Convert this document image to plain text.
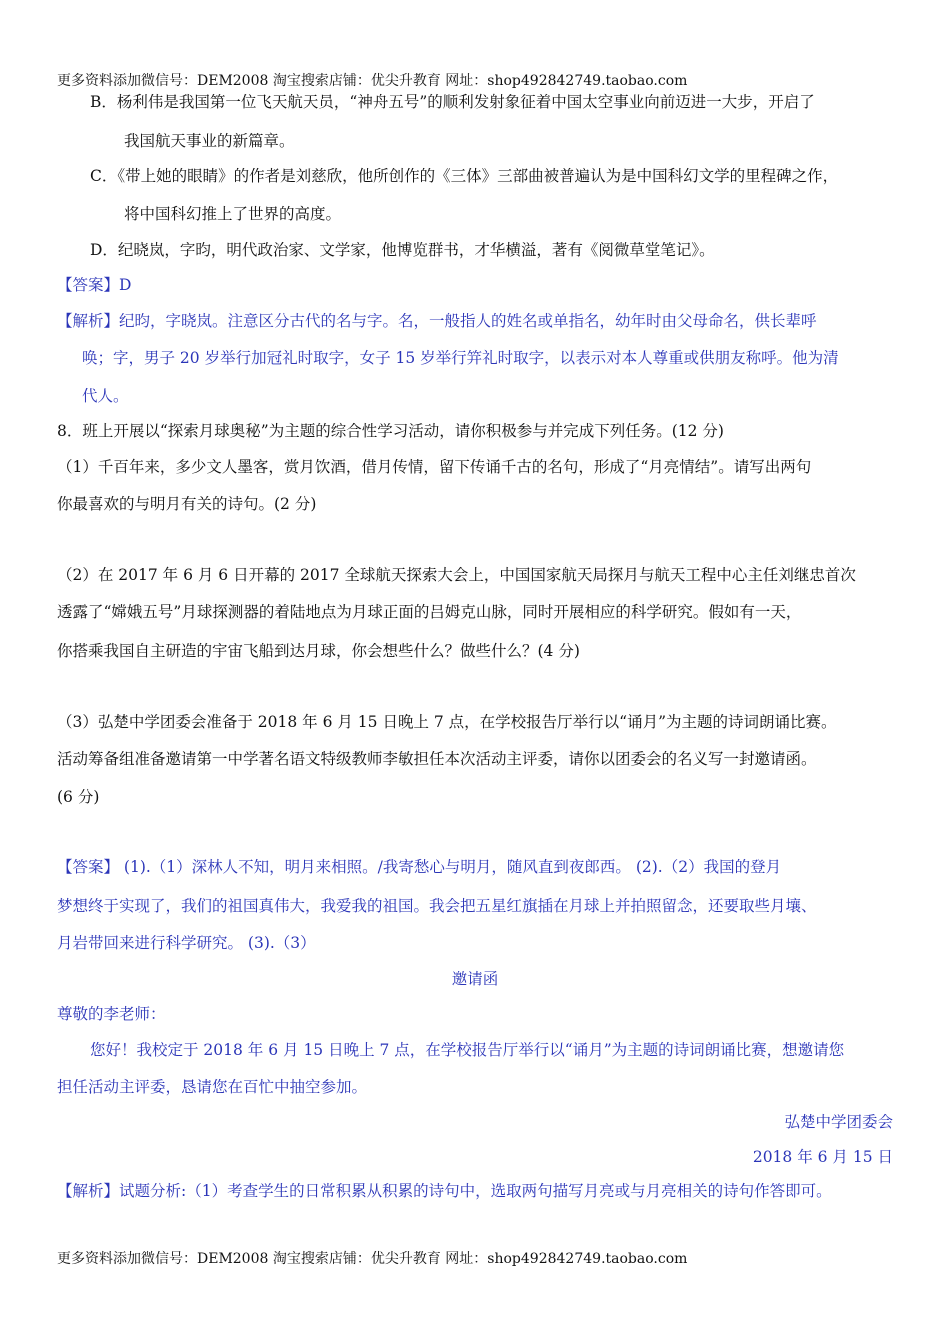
更多资料添加微信号：DEM2008 淘宝搜索店铺：优尖升教育 网址：shop492842749.taobao.com
B．杨利伟是我国第一位飞天航天员，“神舟五号”的顺利发射象征着中国太空事业向前迈进一大步，开启了
我国航天事业的新篇章。
C．《带上她的眼睛》的作者是刘慈欣，他所创作的《三体》三部曲被普遍认为是中国科幻文学的里程碑之作，
将中国科幻推上了世界的高度。
D．纪晓岚，字昀，明代政治家、文学家，他博览群书，才华横溢，著有《阅微草堂笔记》。
【答案】D
【解析】纪昀，字晓岚。注意区分古代的名与字。名，一般指人的姓名或单指名，幼年时由父母命名，供长辈呼
唤；字，男子 20 岁举行加冠礼时取字，女子 15 岁举行笄礼时取字，以表示对本人尊重或供朋友称呼。他为清
代人。
8．班上开展以“探索月球奥秘”为主题的综合性学习活动，请你积极参与并完成下列任务。(12 分)
（1）千百年来，多少文人墨客，赏月饮酒，借月传情，留下传诵千古的名句，形成了“月亮情结”。请写出两句
你最喜欢的与明月有关的诗句。(2 分)
（2）在 2017 年 6 月 6 日开幕的 2017 全球航天探索大会上，中国国家航天局探月与航天工程中心主任刘继忠首次
透露了“嫦娥五号”月球探测器的着陆地点为月球正面的吕姆克山脉，同时开展相应的科学研究。假如有一天，
你搭乘我国自主研造的宇宙飞船到达月球，你会想些什么？做些什么？(4 分)
（3）弘楚中学团委会准备于 2018 年 6 月 15 日晚上 7 点，在学校报告厅举行以“诵月”为主题的诗词朗诵比赛。
活动筹备组准备邀请第一中学著名语文特级教师李敏担任本次活动主评委，请你以团委会的名义写一封邀请函。
(6 分)
【答案】 (1).（1）深林人不知，明月来相照。/我寄愁心与明月，随风直到夜郎西。 (2).（2）我国的登月
梦想终于实现了，我们的祖国真伟大，我爱我的祖国。我会把五星红旗插在月球上并拍照留念，还要取些月壤、
月岩带回来进行科学研究。 (3).（3）
邀请函
尊敬的李老师：
您好！我校定于 2018 年 6 月 15 日晚上 7 点，在学校报告厅举行以“诵月”为主题的诗词朗诵比赛，想邀请您
担任活动主评委，恳请您在百忙中抽空参加。
弘楚中学团委会
2018 年 6 月 15 日
【解析】试题分析:（1）考查学生的日常积累从积累的诗句中，选取两句描写月亮或与月亮相关的诗句作答即可。
更多资料添加微信号：DEM2008 淘宝搜索店铺：优尖升教育 网址：shop492842749.taobao.com
